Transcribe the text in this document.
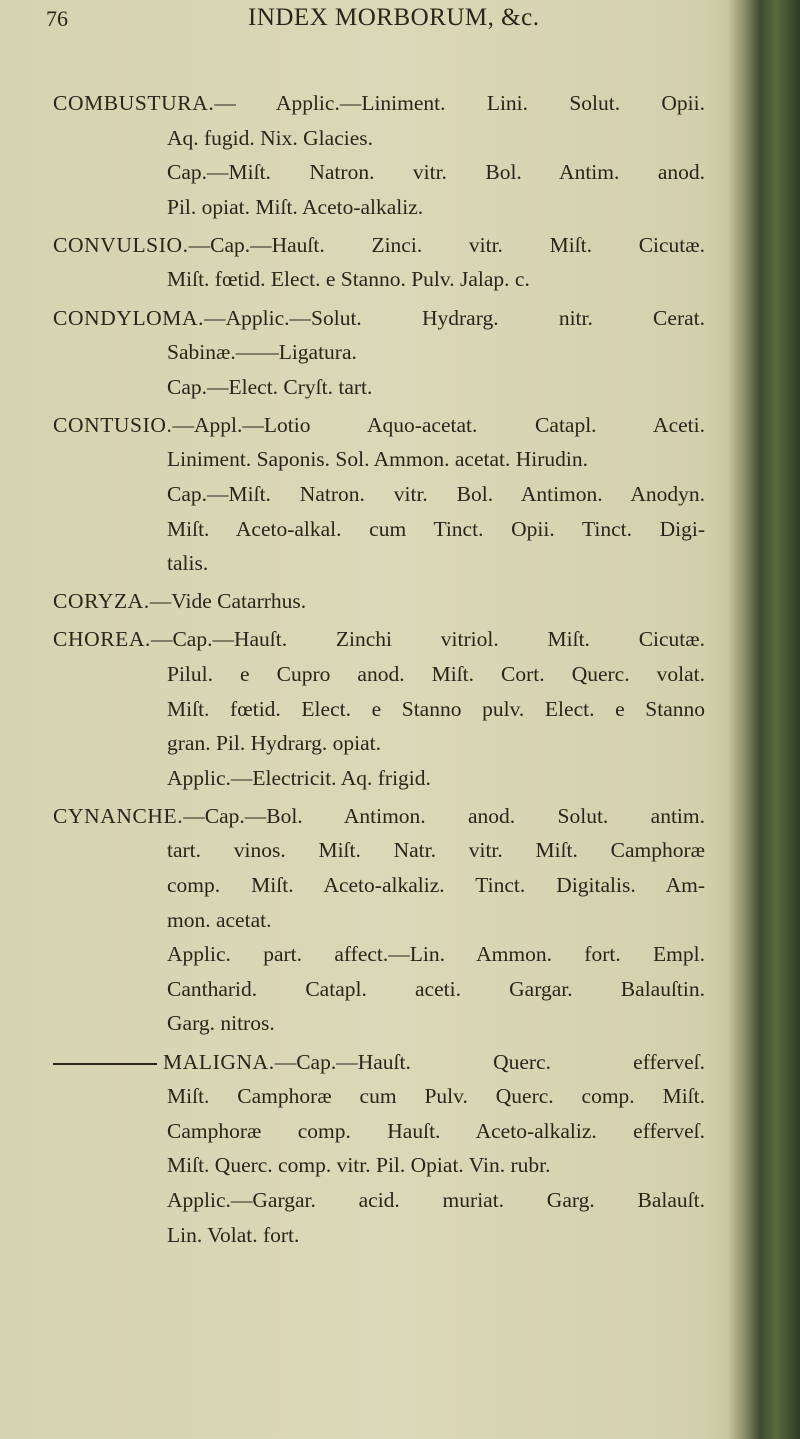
76	INDEX MORBORUM, &c.
COMBUSTURA.— Applic.—Liniment. Lini. Solut. Opii.
Aq. fugid. Nix. Glacies.
Cap.—Miſt. Natron. vitr. Bol. Antim. anod.
Pil. opiat. Miſt. Aceto-alkaliz.
CONVULSIO.—Cap.—Hauſt. Zinci. vitr. Miſt. Cicutæ.
Miſt. fœtid. Elect. e Stanno. Pulv. Jalap. c.
CONDYLOMA.—Applic.—Solut. Hydrarg. nitr. Cerat.
Sabinæ.——Ligatura.
Cap.—Elect. Cryſt. tart.
CONTUSIO.—Appl.—Lotio Aquo-acetat. Catapl. Aceti.
Liniment. Saponis. Sol. Ammon. acetat. Hirudin.
Cap.—Miſt. Natron. vitr. Bol. Antimon. Anodyn.
Miſt. Aceto-alkal. cum Tinct. Opii. Tinct. Digi-
talis.
CORYZA.—Vide Catarrhus.
CHOREA.—Cap.—Hauſt. Zinchi vitriol. Miſt. Cicutæ.
Pilul. e Cupro anod. Miſt. Cort. Querc. volat.
Miſt. fœtid. Elect. e Stanno pulv. Elect. e Stanno
gran. Pil. Hydrarg. opiat.
Applic.—Electricit. Aq. frigid.
CYNANCHE.—Cap.—Bol. Antimon. anod. Solut. antim.
tart. vinos. Miſt. Natr. vitr. Miſt. Camphoræ
comp. Miſt. Aceto-alkaliz. Tinct. Digitalis. Am-
mon. acetat.
Applic. part. affect.—Lin. Ammon. fort. Empl.
Cantharid. Catapl. aceti. Gargar. Balauſtin.
Garg. nitros.
MALIGNA.—Cap.—Hauſt. Querc. efferveſ.
Miſt. Camphoræ cum Pulv. Querc. comp. Miſt.
Camphoræ comp. Hauſt. Aceto-alkaliz. efferveſ.
Miſt. Querc. comp. vitr. Pil. Opiat. Vin. rubr.
Applic.—Gargar. acid. muriat. Garg. Balauſt.
Lin. Volat. fort.
